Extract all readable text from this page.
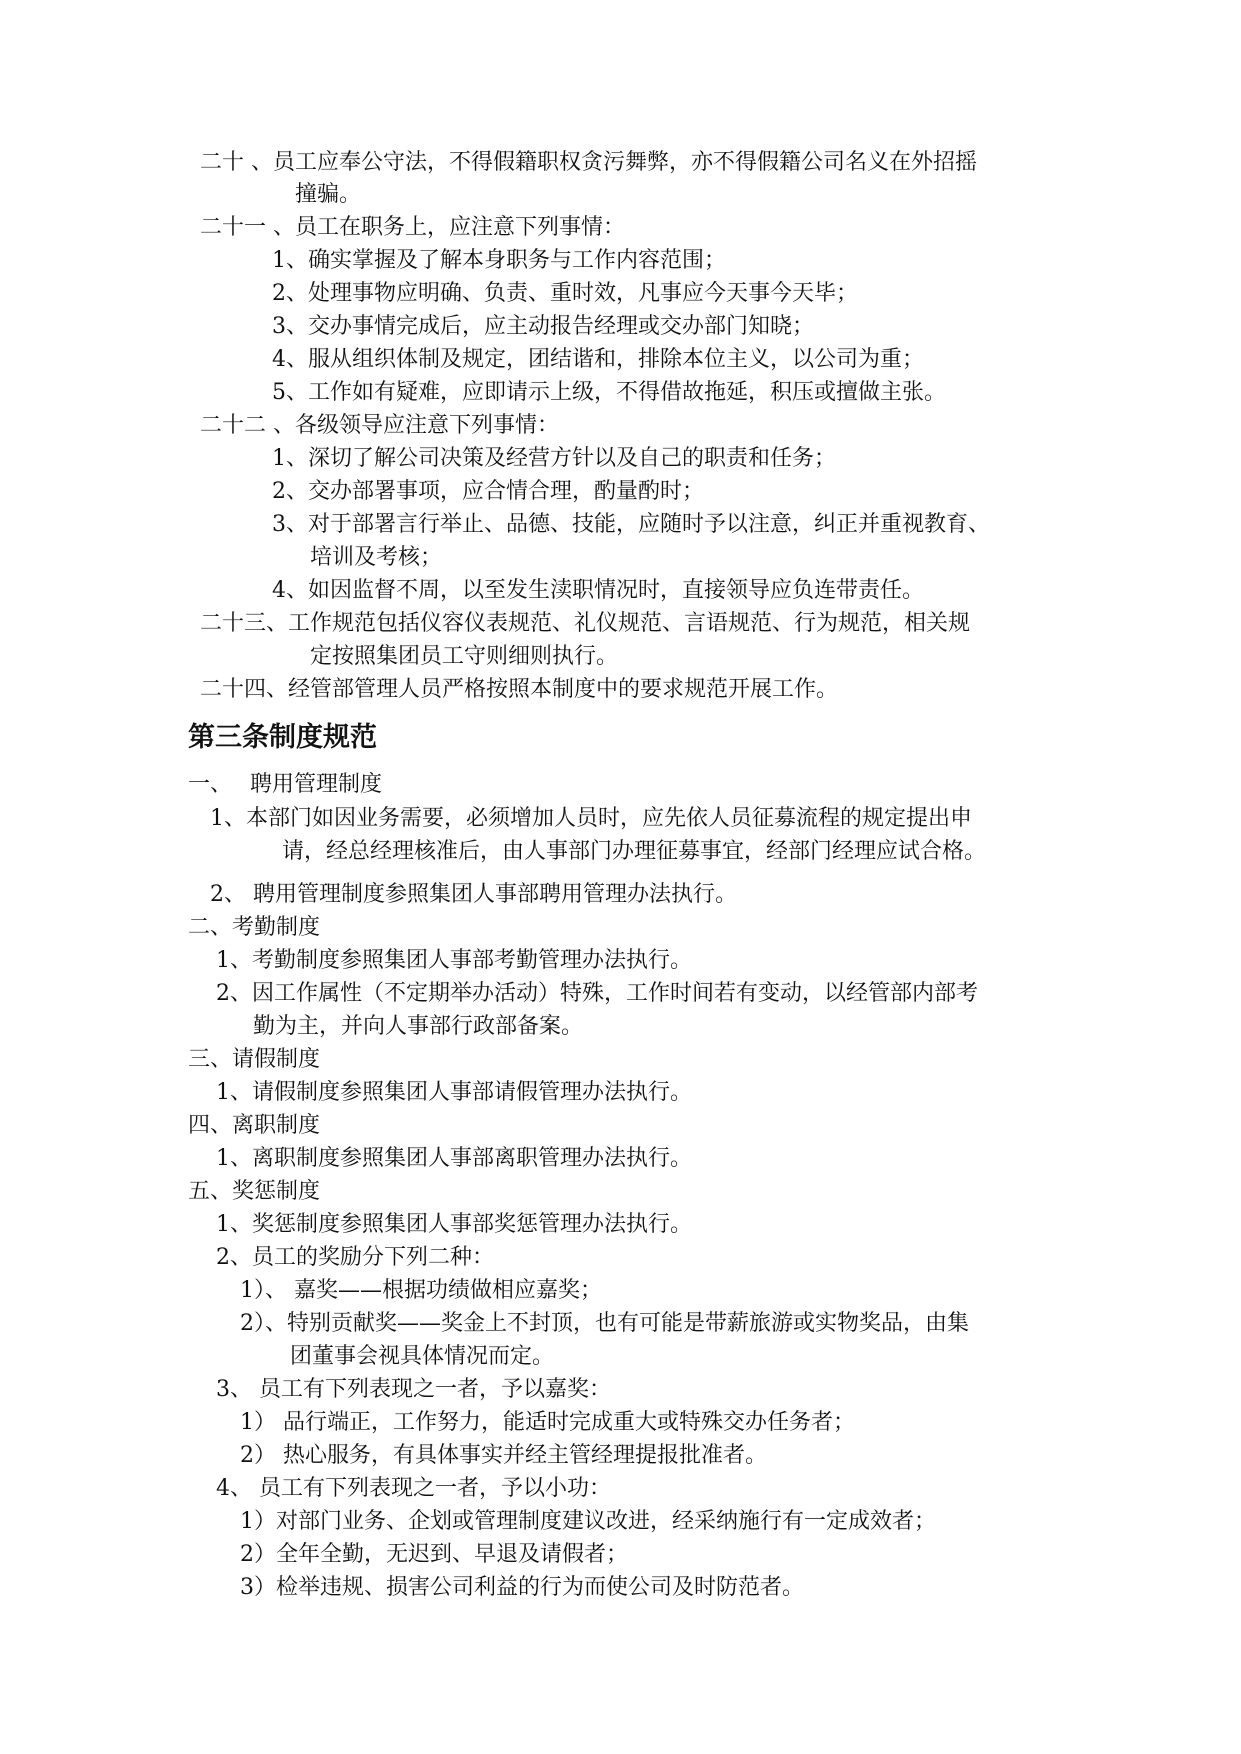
二十 、员工应奉公守法，不得假籍职权贪污舞弊，亦不得假籍公司名义在外招摇
撞骗。
二十一 、员工在职务上，应注意下列事情：
1、确实掌握及了解本身职务与工作内容范围；
2、处理事物应明确、负责、重时效，凡事应今天事今天毕；
3、交办事情完成后，应主动报告经理或交办部门知晓；
4、服从组织体制及规定，团结谐和，排除本位主义，以公司为重；
5、工作如有疑难，应即请示上级，不得借故拖延，积压或擅做主张。
二十二 、各级领导应注意下列事情：
1、深切了解公司决策及经营方针以及自己的职责和任务；
2、交办部署事项，应合情合理，酌量酌时；
3、对于部署言行举止、品德、技能，应随时予以注意，纠正并重视教育、
培训及考核；
4、如因监督不周，以至发生渎职情况时，直接领导应负连带责任。
二十三、工作规范包括仪容仪表规范、礼仪规范、言语规范、行为规范，相关规
定按照集团员工守则细则执行。
二十四、经管部管理人员严格按照本制度中的要求规范开展工作。
第三条制度规范
一、　 聘用管理制度
1、本部门如因业务需要，必须增加人员时，应先依人员征募流程的规定提出申
请，经总经理核准后，由人事部门办理征募事宜，经部门经理应试合格。
2、 聘用管理制度参照集团人事部聘用管理办法执行。
二、考勤制度
1、考勤制度参照集团人事部考勤管理办法执行。
2、因工作属性（不定期举办活动）特殊，工作时间若有变动，以经管部内部考
勤为主，并向人事部行政部备案。
三、请假制度
1、请假制度参照集团人事部请假管理办法执行。
四、离职制度
1、离职制度参照集团人事部离职管理办法执行。
五、奖惩制度
1、奖惩制度参照集团人事部奖惩管理办法执行。
2、员工的奖励分下列二种：
1）、 嘉奖——根据功绩做相应嘉奖；
2）、特别贡献奖——奖金上不封顶，也有可能是带薪旅游或实物奖品，由集
团董事会视具体情况而定。
3、 员工有下列表现之一者，予以嘉奖：
1） 品行端正，工作努力，能适时完成重大或特殊交办任务者；
2） 热心服务，有具体事实并经主管经理提报批准者。
4、 员工有下列表现之一者，予以小功：
1）对部门业务、企划或管理制度建议改进，经采纳施行有一定成效者；
2）全年全勤，无迟到、早退及请假者；
3）检举违规、损害公司利益的行为而使公司及时防范者。
